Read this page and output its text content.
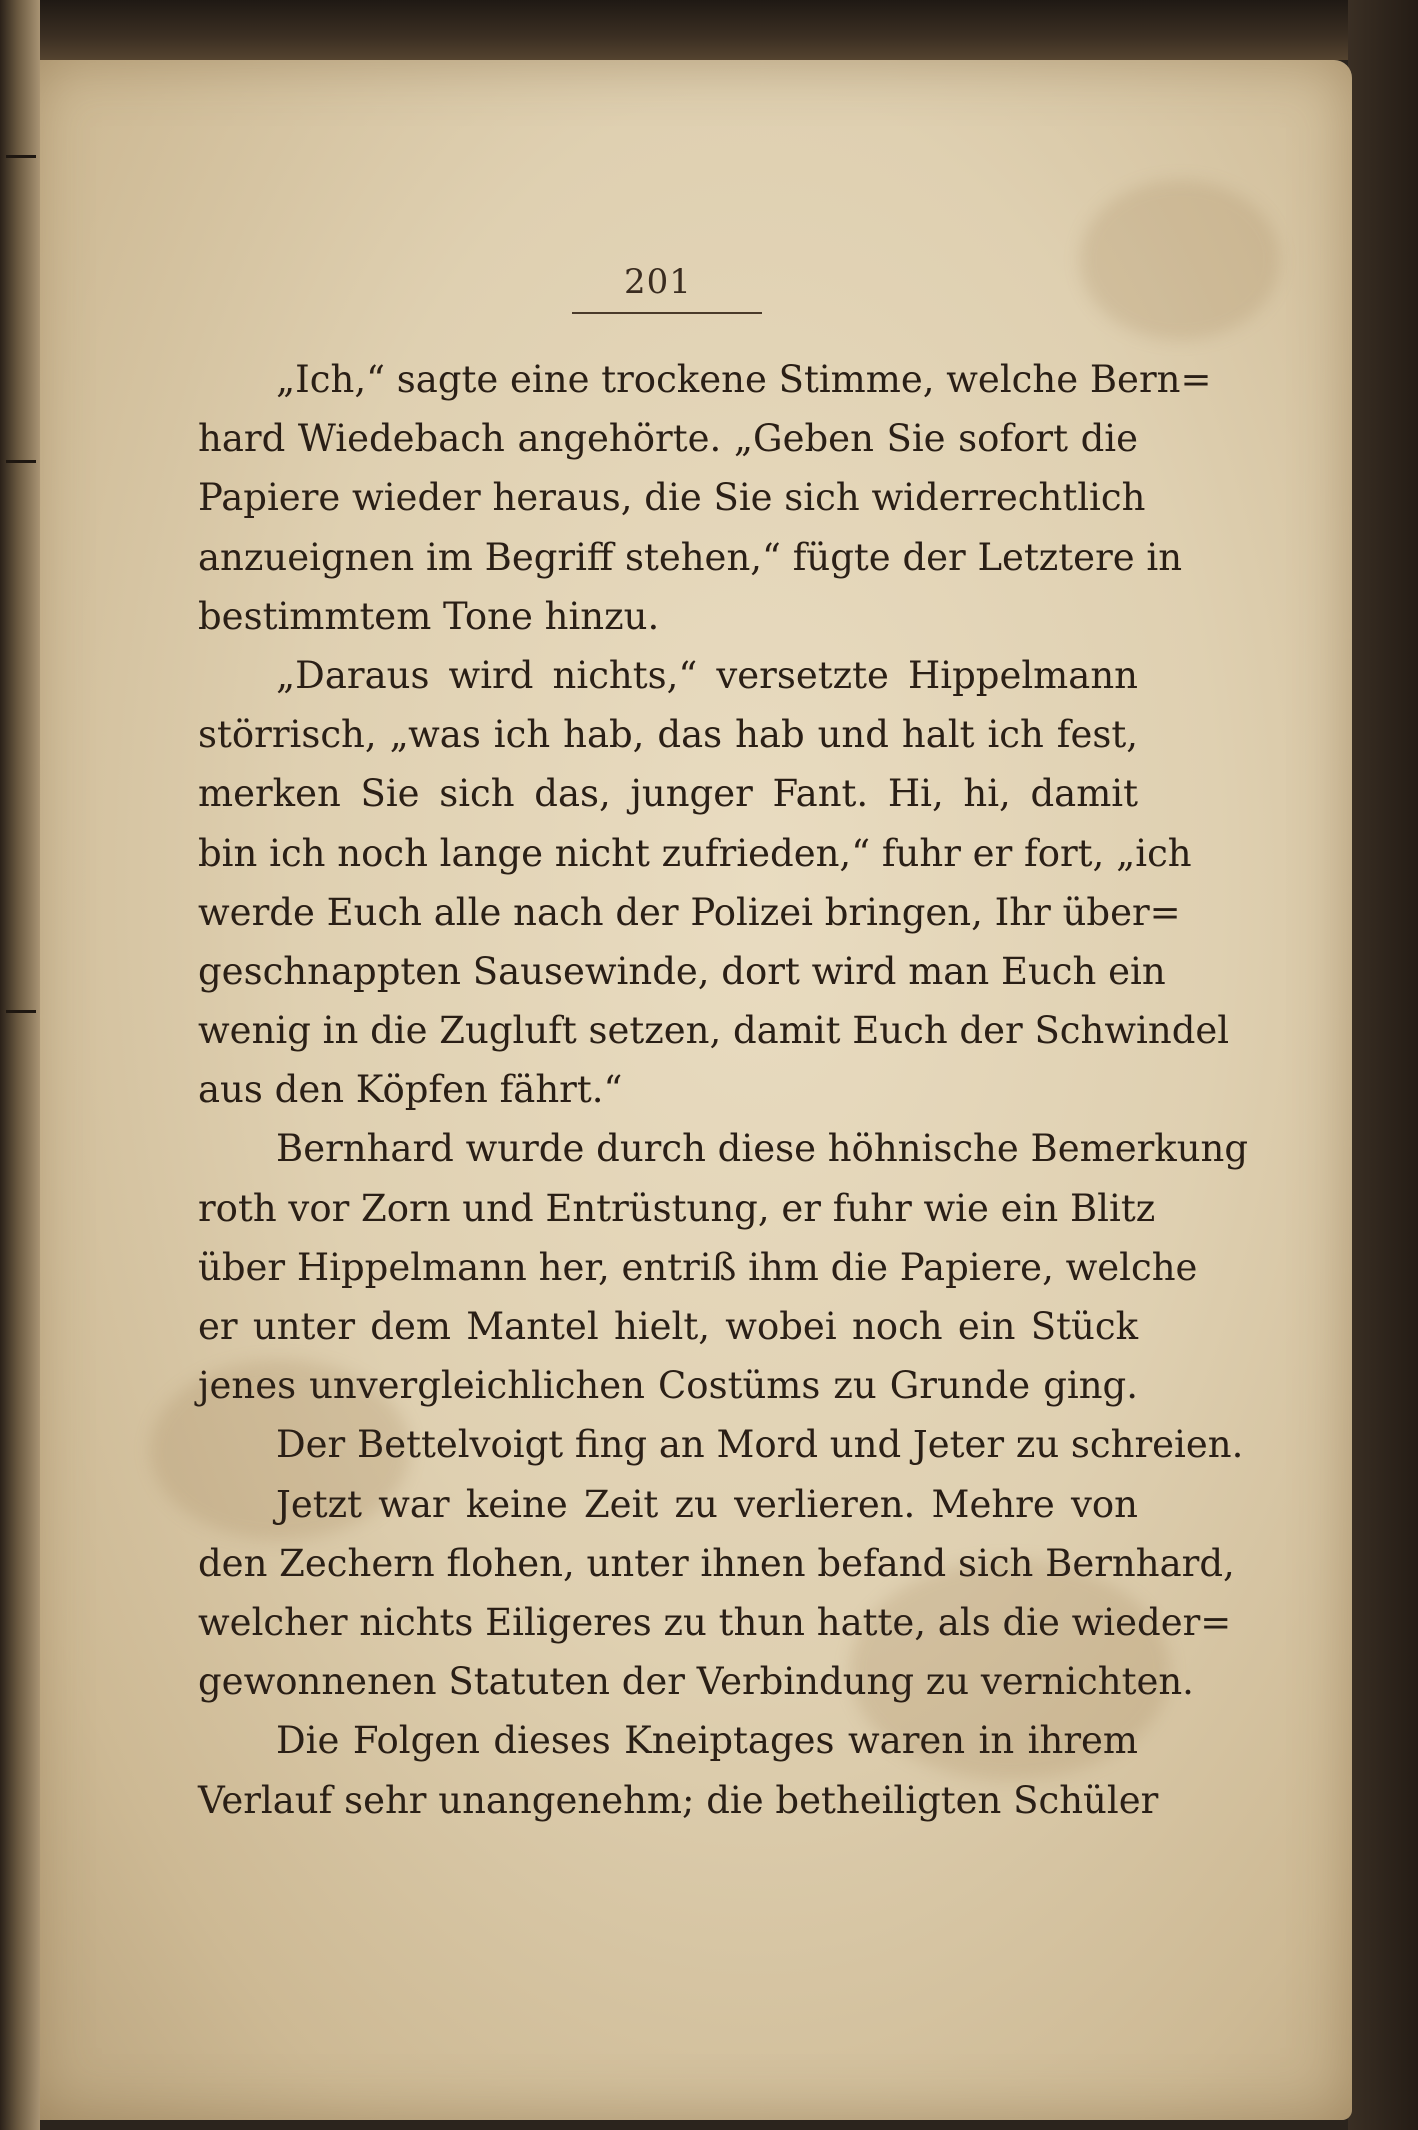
201
„Ich,“ sagte eine trockene Stimme, welche Bern=
hard Wiedebach angehörte. „Geben Sie sofort die
Papiere wieder heraus, die Sie sich widerrechtlich
anzueignen im Begriff stehen,“ fügte der Letztere in
bestimmtem Tone hinzu.
„Daraus wird nichts,“ versetzte Hippelmann
störrisch, „was ich hab, das hab und halt ich fest,
merken Sie sich das, junger Fant. Hi, hi, damit
bin ich noch lange nicht zufrieden,“ fuhr er fort, „ich
werde Euch alle nach der Polizei bringen, Ihr über=
geschnappten Sausewinde, dort wird man Euch ein
wenig in die Zugluft setzen, damit Euch der Schwindel
aus den Köpfen fährt.“
Bernhard wurde durch diese höhnische Bemerkung
roth vor Zorn und Entrüstung, er fuhr wie ein Blitz
über Hippelmann her, entriß ihm die Papiere, welche
er unter dem Mantel hielt, wobei noch ein Stück
jenes unvergleichlichen Costüms zu Grunde ging.
Der Bettelvoigt fing an Mord und Jeter zu schreien.
Jetzt war keine Zeit zu verlieren. Mehre von
den Zechern flohen, unter ihnen befand sich Bernhard,
welcher nichts Eiligeres zu thun hatte, als die wieder=
gewonnenen Statuten der Verbindung zu vernichten.
Die Folgen dieses Kneiptages waren in ihrem
Verlauf sehr unangenehm; die betheiligten Schüler
